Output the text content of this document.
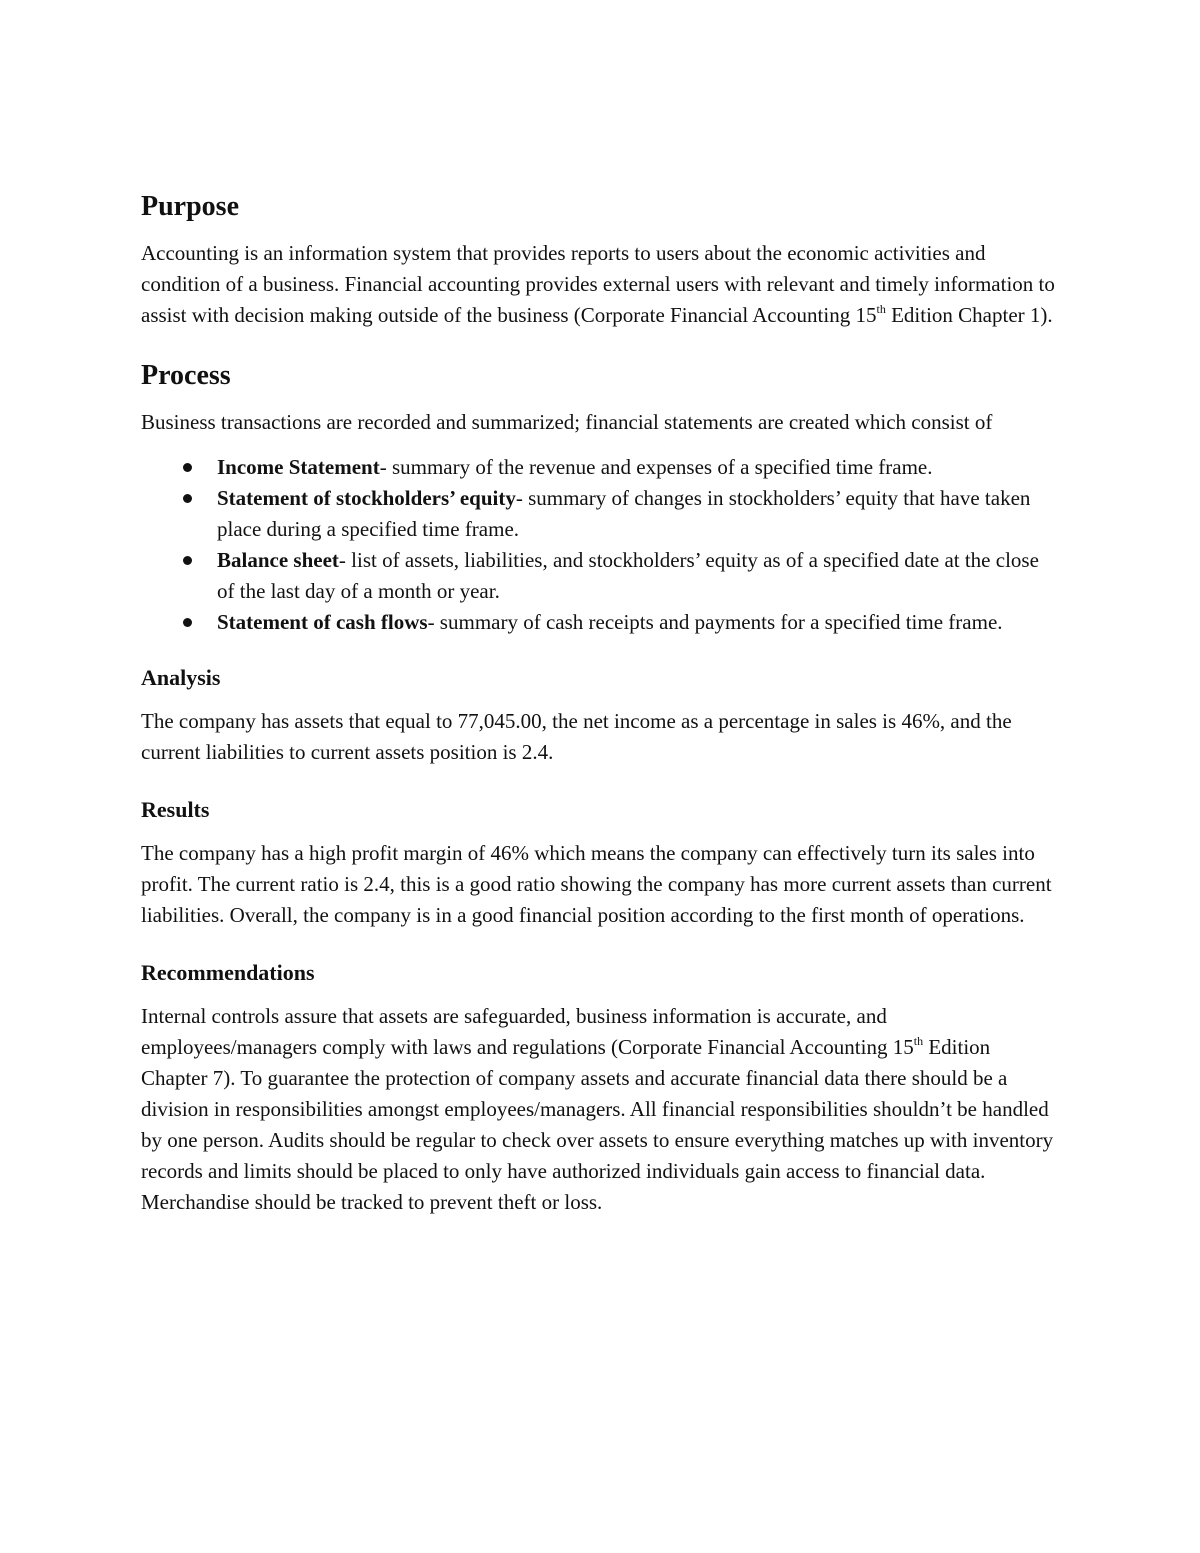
Purpose

Accounting is an information system that provides reports to users about the economic activities and condition of a business. Financial accounting provides external users with relevant and timely information to assist with decision making outside of the business (Corporate Financial Accounting 15th Edition Chapter 1).

Process

Business transactions are recorded and summarized; financial statements are created which consist of

Income Statement- summary of the revenue and expenses of a specified time frame.
Statement of stockholders’ equity- summary of changes in stockholders’ equity that have taken place during a specified time frame.
Balance sheet- list of assets, liabilities, and stockholders’ equity as of a specified date at the close of the last day of a month or year.
Statement of cash flows- summary of cash receipts and payments for a specified time frame.
Analysis

The company has assets that equal to 77,045.00, the net income as a percentage in sales is 46%, and the current liabilities to current assets position is 2.4.

Results

The company has a high profit margin of 46% which means the company can effectively turn its sales into profit. The current ratio is 2.4, this is a good ratio showing the company has more current assets than current liabilities. Overall, the company is in a good financial position according to the first month of operations.

Recommendations

Internal controls assure that assets are safeguarded, business information is accurate, and employees/managers comply with laws and regulations (Corporate Financial Accounting 15th Edition Chapter 7). To guarantee the protection of company assets and accurate financial data there should be a division in responsibilities amongst employees/managers. All financial responsibilities shouldn’t be handled by one person. Audits should be regular to check over assets to ensure everything matches up with inventory records and limits should be placed to only have authorized individuals gain access to financial data. Merchandise should be tracked to prevent theft or loss.
